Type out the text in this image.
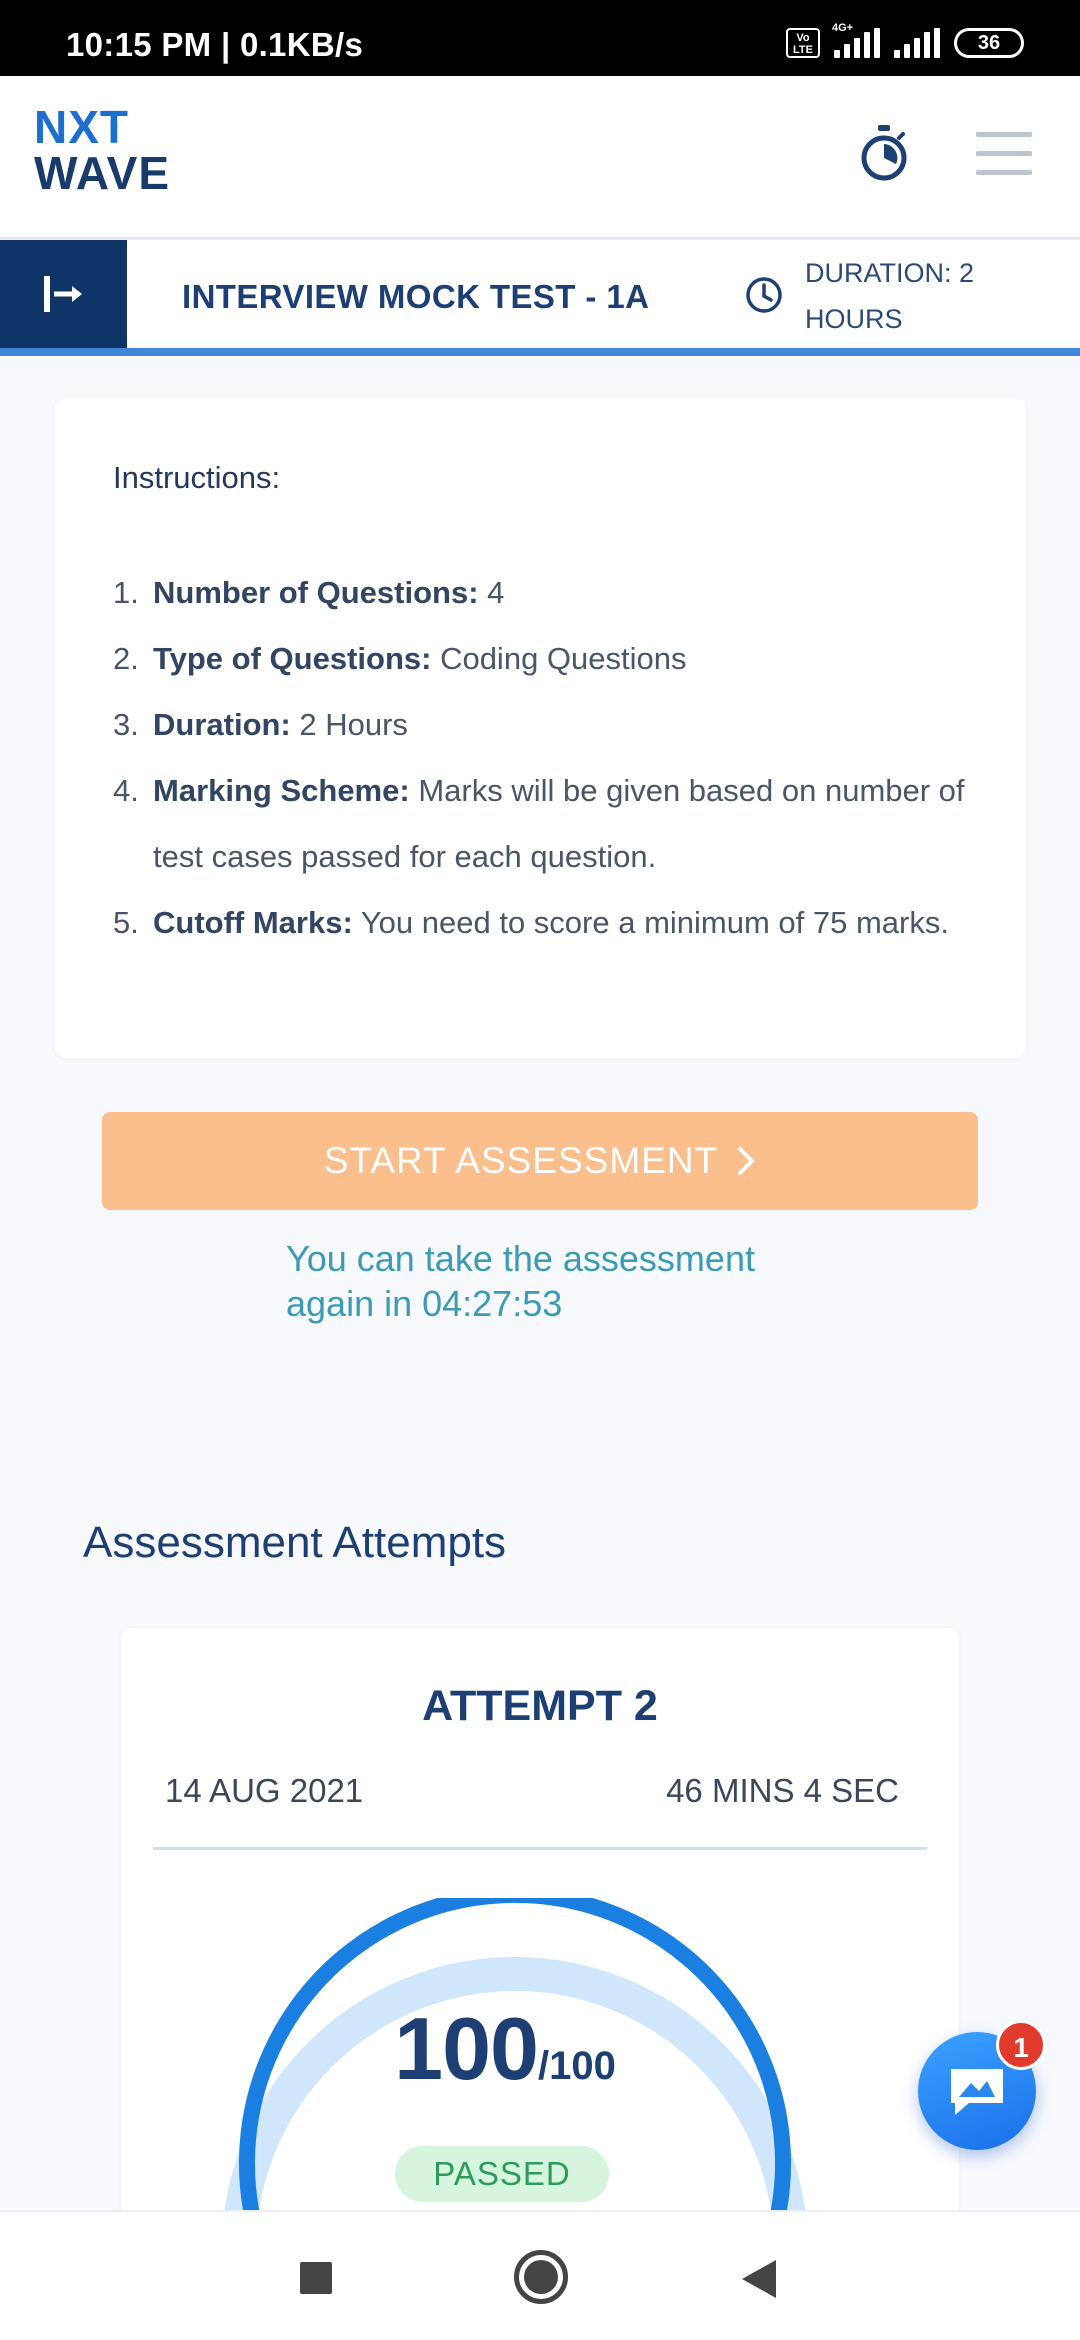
10:15 PM | 0.1KB/s	Vo LTE
4G+
36
NXT
WAVE
INTERVIEW MOCK TEST - 1A
DURATION: 2 HOURS
Instructions:
1. Number of Questions: 4
2. Type of Questions: Coding Questions
3. Duration: 2 Hours
4. Marking Scheme: Marks will be given based on number of test cases passed for each question.
5. Cutoff Marks: You need to score a minimum of 75 marks.
START ASSESSMENT
You can take the assessment again in 04:27:53
Assessment Attempts
ATTEMPT 2
14 AUG 2021	46 MINS 4 SEC
100/100
PASSED
1
